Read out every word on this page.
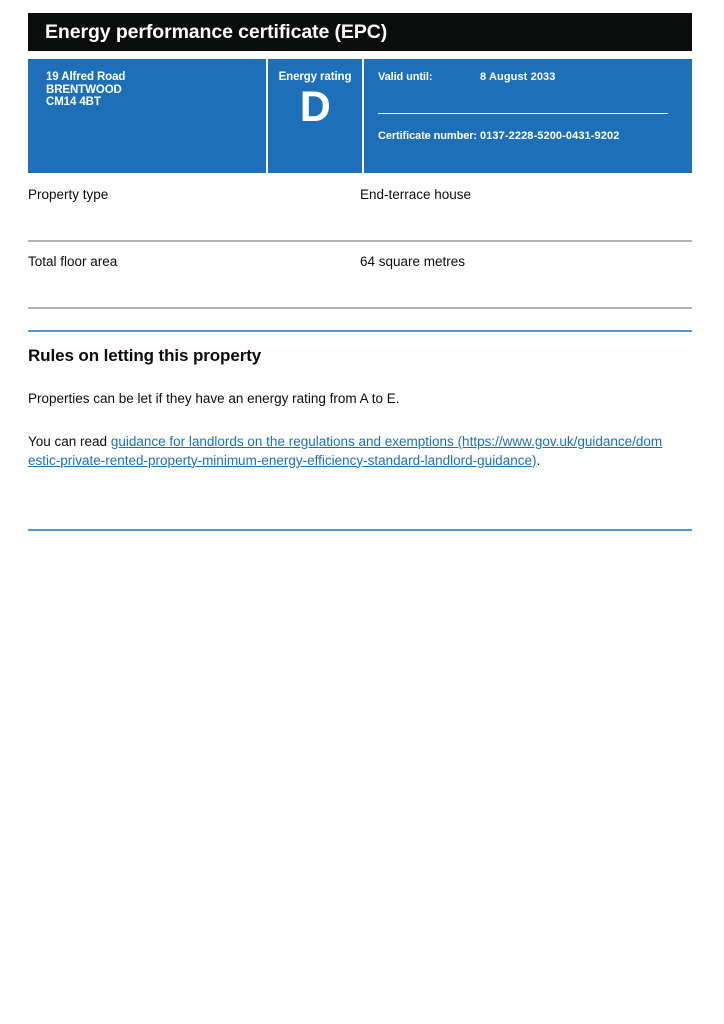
Energy performance certificate (EPC)
19 Alfred Road
BRENTWOOD
CM14 4BT
Energy rating
D
Valid until:	8 August 2033
Certificate number: 0137-2228-5200-0431-9202
Property type	End-terrace house
Total floor area	64 square metres
Rules on letting this property
Properties can be let if they have an energy rating from A to E.
You can read guidance for landlords on the regulations and exemptions (https://www.gov.uk/guidance/domestic-private-rented-property-minimum-energy-efficiency-standard-landlord-guidance).
